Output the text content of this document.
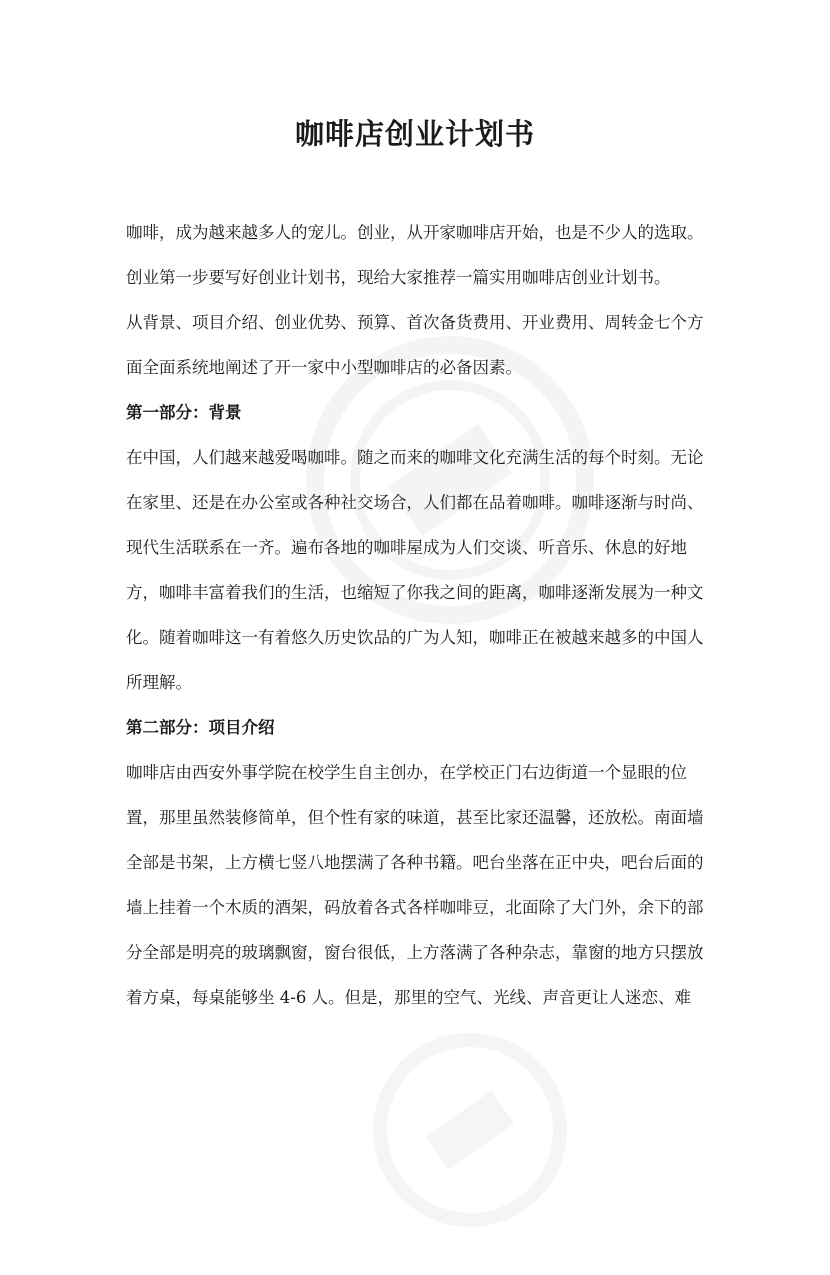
咖啡店创业计划书

咖啡，成为越来越多人的宠儿。创业，从开家咖啡店开始，也是不少人的选取。创业第一步要写好创业计划书，现给大家推荐一篇实用咖啡店创业计划书。

从背景、项目介绍、创业优势、预算、首次备货费用、开业费用、周转金七个方面全面系统地阐述了开一家中小型咖啡店的必备因素。

第一部分：背景

在中国，人们越来越爱喝咖啡。随之而来的咖啡文化充满生活的每个时刻。无论在家里、还是在办公室或各种社交场合，人们都在品着咖啡。咖啡逐渐与时尚、现代生活联系在一齐。遍布各地的咖啡屋成为人们交谈、听音乐、休息的好地方，咖啡丰富着我们的生活，也缩短了你我之间的距离，咖啡逐渐发展为一种文化。随着咖啡这一有着悠久历史饮品的广为人知，咖啡正在被越来越多的中国人所理解。

第二部分：项目介绍

咖啡店由西安外事学院在校学生自主创办，在学校正门右边街道一个显眼的位置，那里虽然装修简单，但个性有家的味道，甚至比家还温馨，还放松。南面墙全部是书架，上方横七竖八地摆满了各种书籍。吧台坐落在正中央，吧台后面的墙上挂着一个木质的酒架，码放着各式各样咖啡豆，北面除了大门外，余下的部分全部是明亮的玻璃飘窗，窗台很低，上方落满了各种杂志，靠窗的地方只摆放着方桌，每桌能够坐 4-6 人。但是，那里的空气、光线、声音更让人迷恋、难
